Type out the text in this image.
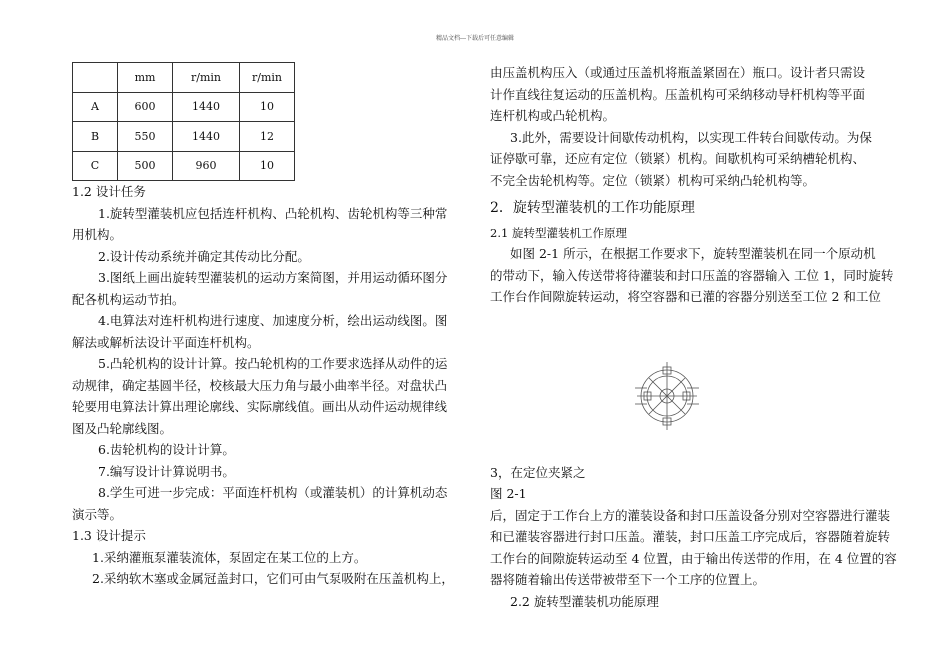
精品文档---下载后可任意编辑
	mm	r/min	r/min
A	600	1440	10
B	550	1440	12
C	500	960	10
1.2 设计任务
1.旋转型灌装机应包括连杆机构、凸轮机构、齿轮机构等三种常
用机构。
2.设计传动系统并确定其传动比分配。
3.图纸上画出旋转型灌装机的运动方案简图，并用运动循环图分
配各机构运动节拍。
4.电算法对连杆机构进行速度、加速度分析，绘出运动线图。图
解法或解析法设计平面连杆机构。
5.凸轮机构的设计计算。按凸轮机构的工作要求选择从动件的运
动规律，确定基圆半径，校核最大压力角与最小曲率半径。对盘状凸
轮要用电算法计算出理论廓线、实际廓线值。画出从动件运动规律线
图及凸轮廓线图。
6.齿轮机构的设计计算。
7.编写设计计算说明书。
8.学生可进一步完成：平面连杆机构（或灌装机）的计算机动态
演示等。
1.3 设计提示
1.采纳灌瓶泵灌装流体，泵固定在某工位的上方。
2.采纳软木塞或金属冠盖封口，它们可由气泵吸附在压盖机构上，
由压盖机构压入（或通过压盖机将瓶盖紧固在）瓶口。设计者只需设
计作直线往复运动的压盖机构。压盖机构可采纳移动导杆机构等平面
连杆机构或凸轮机构。
3.此外，需要设计间歇传动机构，以实现工件转台间歇传动。为保
证停歇可靠，还应有定位（锁紧）机构。间歇机构可采纳槽轮机构、
不完全齿轮机构等。定位（锁紧）机构可采纳凸轮机构等。
2．旋转型灌装机的工作功能原理
2.1 旋转型灌装机工作原理
如图 2-1 所示，在根据工作要求下，旋转型灌装机在同一个原动机
的带动下，输入传送带将待灌装和封口压盖的容器输入 工位 1，同时旋转
工作台作间隙旋转运动，将空容器和已灌的容器分别送至工位 2 和工位
3，在定位夹紧之
图 2-1
后，固定于工作台上方的灌装设备和封口压盖设备分别对空容器进行灌装
和已灌装容器进行封口压盖。灌装，封口压盖工序完成后，容器随着旋转
工作台的间隙旋转运动至 4 位置，由于输出传送带的作用，在 4 位置的容
器将随着输出传送带被带至下一个工序的位置上。
2.2 旋转型灌装机功能原理
